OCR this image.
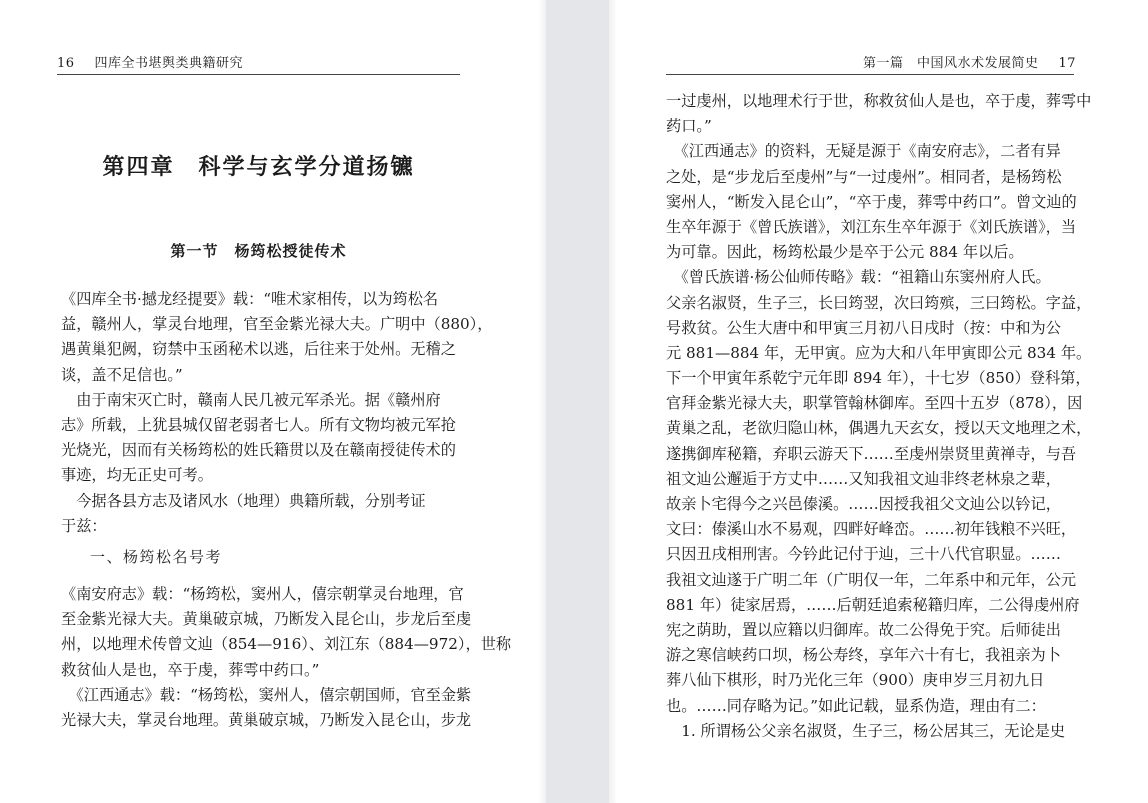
16 四库全书堪舆类典籍研究
第四章　科学与玄学分道扬镳
第一节　杨筠松授徒传术
《四库全书·撼龙经提要》载：“唯术家相传，以为筠松名
益，赣州人，掌灵台地理，官至金紫光禄大夫。广明中（880），
遇黄巢犯阙，窃禁中玉函秘术以逃，后往来于处州。无稽之
谈，盖不足信也。”
　由于南宋灭亡时，赣南人民几被元军杀光。据《赣州府
志》所载，上犹县城仅留老弱者七人。所有文物均被元军抢
光烧光，因而有关杨筠松的姓氏籍贯以及在赣南授徒传术的
事迹，均无正史可考。
　今据各县方志及诸风水（地理）典籍所载，分别考证
于兹：
一、杨筠松名号考
《南安府志》载：“杨筠松，窦州人，僖宗朝掌灵台地理，官
至金紫光禄大夫。黄巢破京城，乃断发入昆仑山，步龙后至虔
州，以地理术传曾文辿（854—916）、刘江东（884—972），世称
救贫仙人是也，卒于虔，葬雩中药口。”
　《江西通志》载：“杨筠松，窦州人，僖宗朝国师，官至金紫
光禄大夫，掌灵台地理。黄巢破京城，乃断发入昆仑山，步龙
第一篇　中国风水术发展简史 17
一过虔州，以地理术行于世，称救贫仙人是也，卒于虔，葬雩中
药口。”
　《江西通志》的资料，无疑是源于《南安府志》，二者有异
之处，是“步龙后至虔州”与“一过虔州”。相同者，是杨筠松
窦州人，“断发入昆仑山”，“卒于虔，葬雩中药口”。曾文辿的
生卒年源于《曾氏族谱》，刘江东生卒年源于《刘氏族谱》，当
为可靠。因此，杨筠松最少是卒于公元 884 年以后。
　《曾氏族谱·杨公仙师传略》载：“祖籍山东窦州府人氏。
父亲名淑贤，生子三，长曰筠翌，次曰筠殡，三曰筠松。字益，
号救贫。公生大唐中和甲寅三月初八日戌时（按：中和为公
元 881—884 年，无甲寅。应为大和八年甲寅即公元 834 年。
下一个甲寅年系乾宁元年即 894 年），十七岁（850）登科第，
官拜金紫光禄大夫，职掌管翰林御库。至四十五岁（878），因
黄巢之乱，老欲归隐山林，偶遇九天玄女，授以天文地理之术，
遂携御库秘籍，弃职云游天下……至虔州崇贤里黄禅寺，与吾
祖文辿公邂逅于方丈中……又知我祖文辿非终老林泉之辈，
故亲卜宅得今之兴邑傣溪。……因授我祖父文辿公以钤记，
文曰：傣溪山水不易观，四畔好峰峦。……初年钱粮不兴旺，
只因丑戌相刑害。今钤此记付于辿，三十八代官职显。……
我祖文辿遂于广明二年（广明仅一年，二年系中和元年，公元
881 年）徒家居焉，……后朝廷追索秘籍归库，二公得虔州府
宪之荫助，置以应籍以归御库。故二公得免于究。后师徒出
游之寒信峡药口坝，杨公寿终，享年六十有七，我祖亲为卜
葬八仙下棋形，时乃光化三年（900）庚申岁三月初九日
也。……同存略为记。”如此记载，显系伪造，理由有二：
　1. 所谓杨公父亲名淑贤，生子三，杨公居其三，无论是史
